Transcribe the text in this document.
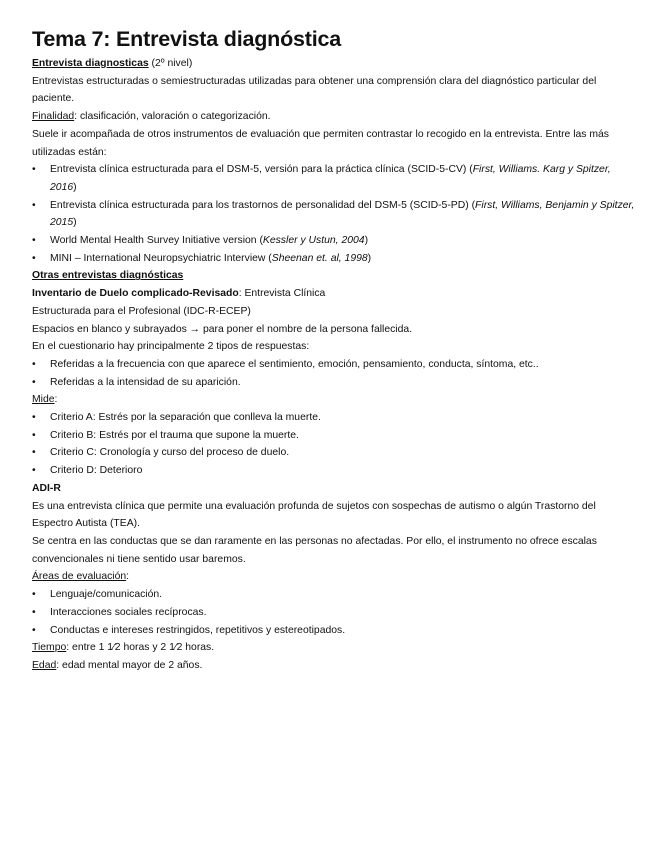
Tema 7: Entrevista diagnóstica

Entrevista diagnosticas (2º nivel)

Entrevistas estructuradas o semiestructuradas utilizadas para obtener una comprensión clara del diagnóstico particular del paciente.

Finalidad: clasificación, valoración o categorización.

Suele ir acompañada de otros instrumentos de evaluación que permiten contrastar lo recogido en la entrevista. Entre las más utilizadas están:

• Entrevista clínica estructurada para el DSM-5, versión para la práctica clínica (SCID-5-CV) (First, Williams. Karg y Spitzer, 2016)
• Entrevista clínica estructurada para los trastornos de personalidad del DSM-5 (SCID-5-PD) (First, Williams, Benjamin y Spitzer, 2015)
• World Mental Health Survey Initiative version (Kessler y Ustun, 2004)
• MINI – International Neuropsychiatric Interview (Sheenan et. al, 1998)

Otras entrevistas diagnósticas

Inventario de Duelo complicado-Revisado: Entrevista Clínica

Estructurada para el Profesional (IDC-R-ECEP)

Espacios en blanco y subrayados → para poner el nombre de la persona fallecida.

En el cuestionario hay principalmente 2 tipos de respuestas:

• Referidas a la frecuencia con que aparece el sentimiento, emoción, pensamiento, conducta, síntoma, etc..
• Referidas a la intensidad de su aparición.

Mide:

• Criterio A: Estrés por la separación que conlleva la muerte.
• Criterio B: Estrés por el trauma que supone la muerte.
• Criterio C: Cronología y curso del proceso de duelo.
• Criterio D: Deterioro

ADI-R

Es una entrevista clínica que permite una evaluación profunda de sujetos con sospechas de autismo o algún Trastorno del Espectro Autista (TEA).

Se centra en las conductas que se dan raramente en las personas no afectadas. Por ello, el instrumento no ofrece escalas convencionales ni tiene sentido usar baremos.

Áreas de evaluación:

• Lenguaje/comunicación.
• Interacciones sociales recíprocas.
• Conductas e intereses restringidos, repetitivos y estereotipados.

Tiempo: entre 1 1⁄2 horas y 2 1⁄2 horas.

Edad: edad mental mayor de 2 años.
